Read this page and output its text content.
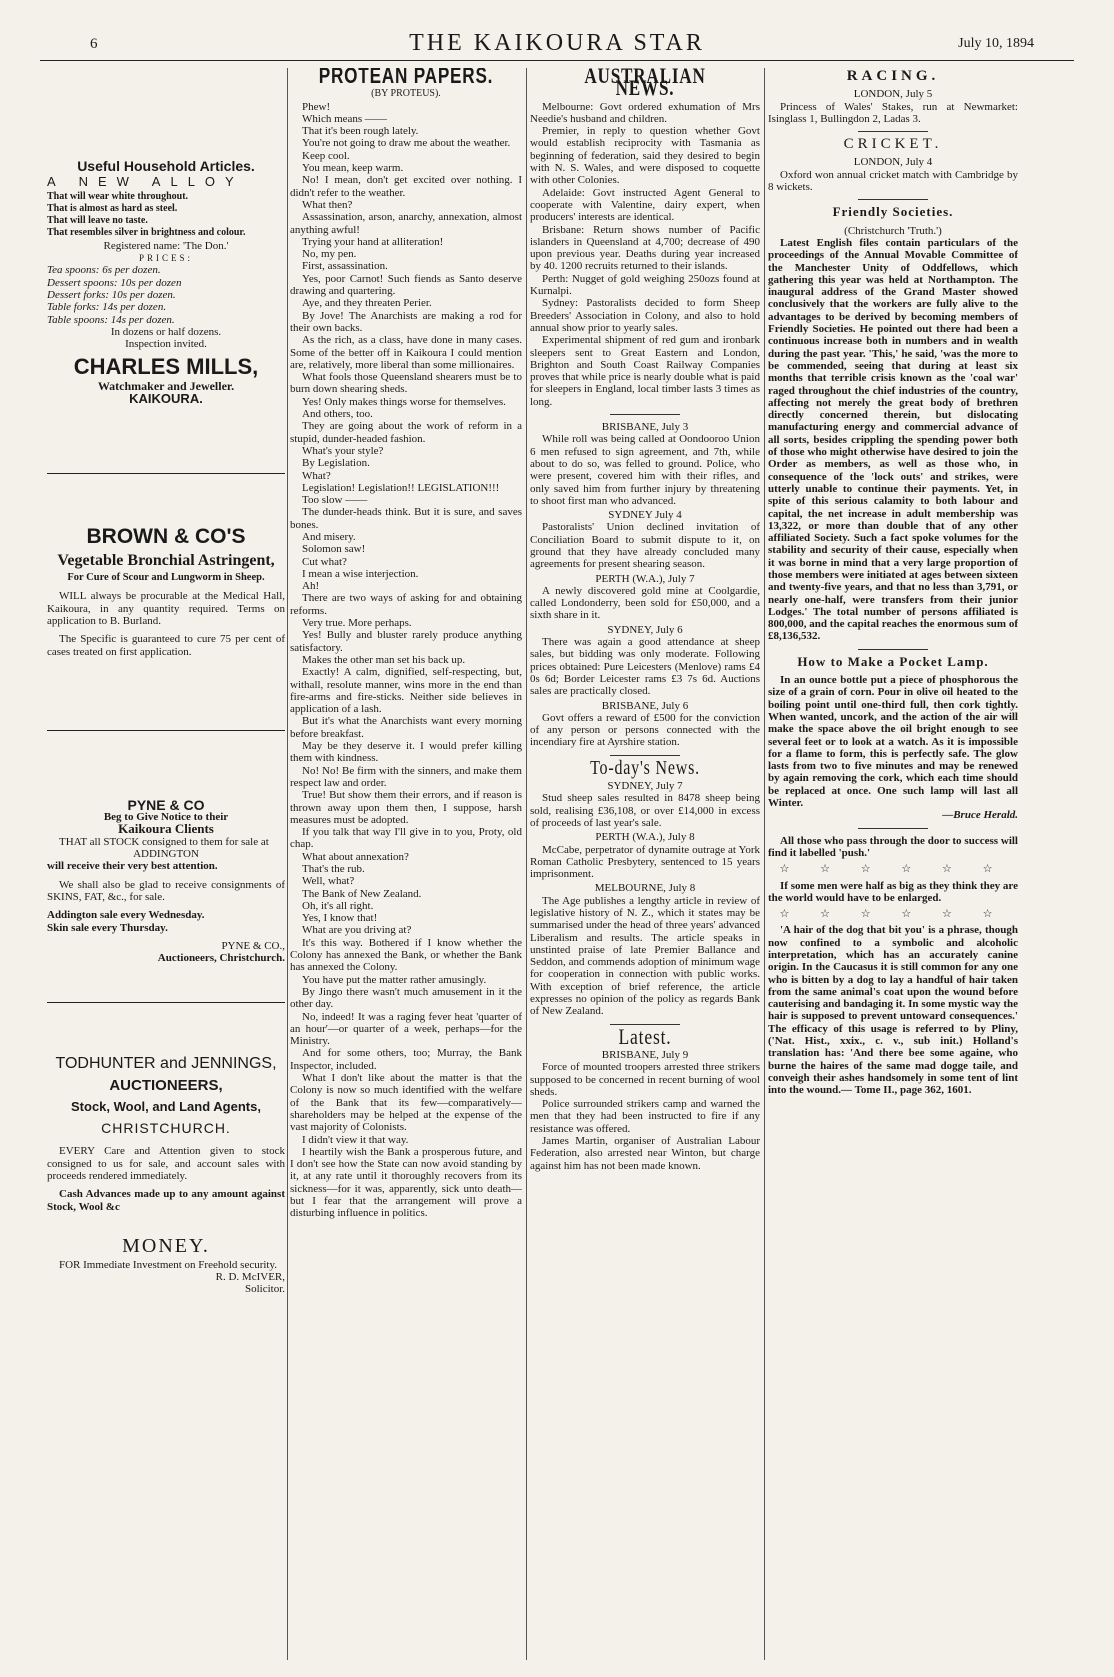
6	THE KAIKOURA STAR	July 10, 1894
Useful Household Articles.
A NEW ALLOY

That will wear white throughout.

That is almost as hard as steel.

That will leave no taste.

That resembles silver in brightness and colour.

Registered name: 'The Don.'

PRICES:

Tea spoons: 6s per dozen.

Dessert spoons: 10s per dozen

Dessert forks: 10s per dozen.

Table forks: 14s per dozen.

Table spoons: 14s per dozen.

In dozens or half dozens.

Inspection invited.

CHARLES MILLS,

Watchmaker and Jeweller.

KAIKOURA.

BROWN & CO'S
Vegetable Bronchial Astringent,

For Cure of Scour and Lungworm in Sheep.

WILL always be procurable at the Medical Hall, Kaikoura, in any quantity required. Terms on application to B. Burland.

The Specific is guaranteed to cure 75 per cent of cases treated on first application.

PYNE & CO

Beg to Give Notice to their

Kaikoura Clients

THAT all STOCK consigned to them for sale at

ADDINGTON

will receive their very best attention.

We shall also be glad to receive consignments of SKINS, FAT, &c., for sale.

Addington sale every Wednesday.

Skin sale every Thursday.

PYNE & CO.,

Auctioneers, Christchurch.

TODHUNTER and JENNINGS,
AUCTIONEERS,
Stock, Wool, and Land Agents,
CHRISTCHURCH.

EVERY Care and Attention given to stock consigned to us for sale, and account sales with proceeds rendered immediately.

Cash Advances made up to any amount against Stock, Wool &c

MONEY.

FOR Immediate Investment on Freehold security.

R. D. McIVER,

Solicitor.

PROTEAN PAPERS.

(BY PROTEUS).

Phew!

Which means ——

That it's been rough lately.

You're not going to draw me about the weather.

Keep cool.

You mean, keep warm.

No! I mean, don't get excited over nothing. I didn't refer to the weather.

What then?

Assassination, arson, anarchy, annexation, almost anything awful!

Trying your hand at alliteration!

No, my pen.

First, assassination.

Yes, poor Carnot! Such fiends as Santo deserve drawing and quartering.

Aye, and they threaten Perier.

By Jove! The Anarchists are making a rod for their own backs.

As the rich, as a class, have done in many cases. Some of the better off in Kaikoura I could mention are, relatively, more liberal than some millionaires.

What fools those Queensland shearers must be to burn down shearing sheds.

Yes! Only makes things worse for themselves.

And others, too.

They are going about the work of reform in a stupid, dunder-headed fashion.

What's your style?

By Legislation.

What?

Legislation! Legislation!! LEGISLATION!!!

Too slow ——

The dunder-heads think. But it is sure, and saves bones.

And misery.

Solomon saw!

Cut what?

I mean a wise interjection.

Ah!

There are two ways of asking for and obtaining reforms.

Very true. More perhaps.

Yes! Bully and bluster rarely produce anything satisfactory.

Makes the other man set his back up.

Exactly! A calm, dignified, self-respecting, but, withall, resolute manner, wins more in the end than fire-arms and fire-sticks. Neither side believes in application of a lash.

But it's what the Anarchists want every morning before breakfast.

May be they deserve it. I would prefer killing them with kindness.

No! No! Be firm with the sinners, and make them respect law and order.

True! But show them their errors, and if reason is thrown away upon them then, I suppose, harsh measures must be adopted.

If you talk that way I'll give in to you, Proty, old chap.

What about annexation?

That's the rub.

Well, what?

The Bank of New Zealand.

Oh, it's all right.

Yes, I know that!

What are you driving at?

It's this way. Bothered if I know whether the Colony has annexed the Bank, or whether the Bank has annexed the Colony.

You have put the matter rather amusingly.

By Jingo there wasn't much amusement in it the other day.

No, indeed! It was a raging fever heat 'quarter of an hour'—or quarter of a week, perhaps—for the Ministry.

And for some others, too; Murray, the Bank Inspector, included.

What I don't like about the matter is that the Colony is now so much identified with the welfare of the Bank that its few—comparatively—shareholders may be helped at the expense of the vast majority of Colonists.

I didn't view it that way.

I heartily wish the Bank a prosperous future, and I don't see how the State can now avoid standing by it, at any rate until it thoroughly recovers from its sickness—for it was, apparently, sick unto death—but I fear that the arrangement will prove a disturbing influence in politics.

AUSTRALIAN NEWS.

Melbourne: Govt ordered exhumation of Mrs Needie's husband and children.

Premier, in reply to question whether Govt would establish reciprocity with Tasmania as beginning of federation, said they desired to begin with N. S. Wales, and were disposed to coquette with other Colonies.

Adelaide: Govt instructed Agent General to cooperate with Valentine, dairy expert, when producers' interests are identical.

Brisbane: Return shows number of Pacific islanders in Queensland at 4,700; decrease of 490 upon previous year. Deaths during year increased by 40. 1200 recruits returned to their islands.

Perth: Nugget of gold weighing 250ozs found at Kurnalpi.

Sydney: Pastoralists decided to form Sheep Breeders' Association in Colony, and also to hold annual show prior to yearly sales.

Experimental shipment of red gum and ironbark sleepers sent to Great Eastern and London, Brighton and South Coast Railway Companies proves that while price is nearly double what is paid for sleepers in England, local timber lasts 3 times as long.

BRISBANE, July 3

While roll was being called at Oondooroo Union 6 men refused to sign agreement, and 7th, while about to do so, was felled to ground. Police, who were present, covered him with their rifles, and only saved him from further injury by threatening to shoot first man who advanced.

SYDNEY July 4

Pastoralists' Union declined invitation of Conciliation Board to submit dispute to it, on ground that they have already concluded many agreements for present shearing season.

PERTH (W.A.), July 7

A newly discovered gold mine at Coolgardie, called Londonderry, been sold for £50,000, and a sixth share in it.

SYDNEY, July 6

There was again a good attendance at sheep sales, but bidding was only moderate. Following prices obtained: Pure Leicesters (Menlove) rams £4 0s 6d; Border Leicester rams £3 7s 6d. Auctions sales are practically closed.

BRISBANE, July 6

Govt offers a reward of £500 for the conviction of any person or persons connected with the incendiary fire at Ayrshire station.

To-day's News.

SYDNEY, July 7

Stud sheep sales resulted in 8478 sheep being sold, realising £36,108, or over £14,000 in excess of proceeds of last year's sale.

PERTH (W.A.), July 8

McCabe, perpetrator of dynamite outrage at York Roman Catholic Presbytery, sentenced to 15 years imprisonment.

MELBOURNE, July 8

The Age publishes a lengthy article in review of legislative history of N. Z., which it states may be summarised under the head of three years' advanced Liberalism and results. The article speaks in unstinted praise of late Premier Ballance and Seddon, and commends adoption of minimum wage for cooperation in connection with public works. With exception of brief reference, the article expresses no opinion of the policy as regards Bank of New Zealand.

Latest.

BRISBANE, July 9

Force of mounted troopers arrested three strikers supposed to be concerned in recent burning of wool sheds.

Police surrounded strikers camp and warned the men that they had been instructed to fire if any resistance was offered.

James Martin, organiser of Australian Labour Federation, also arrested near Winton, but charge against him has not been made known.

RACING.

LONDON, July 5

Princess of Wales' Stakes, run at Newmarket: Isinglass 1, Bullingdon 2, Ladas 3.

CRICKET.

LONDON, July 4

Oxford won annual cricket match with Cambridge by 8 wickets.

Friendly Societies.

(Christchurch 'Truth.')

Latest English files contain particulars of the proceedings of the Annual Movable Committee of the Manchester Unity of Oddfellows, which gathering this year was held at Northampton. The inaugural address of the Grand Master showed conclusively that the workers are fully alive to the advantages to be derived by becoming members of Friendly Societies. He pointed out there had been a continuous increase both in numbers and in wealth during the past year. 'This,' he said, 'was the more to be commended, seeing that during at least six months that terrible crisis known as the 'coal war' raged throughout the chief industries of the country, affecting not merely the great body of brethren directly concerned therein, but dislocating manufacturing energy and commercial advance of all sorts, besides crippling the spending power both of those who might otherwise have desired to join the Order as members, as well as those who, in consequence of the 'lock outs' and strikes, were utterly unable to continue their payments. Yet, in spite of this serious calamity to both labour and capital, the net increase in adult membership was 13,322, or more than double that of any other affiliated Society. Such a fact spoke volumes for the stability and security of their cause, especially when it was borne in mind that a very large proportion of those members were initiated at ages between sixteen and twenty-five years, and that no less than 3,791, or nearly one-half, were transfers from their junior Lodges.' The total number of persons affiliated is 800,000, and the capital reaches the enormous sum of £8,136,532.

How to Make a Pocket Lamp.

In an ounce bottle put a piece of phosphorous the size of a grain of corn. Pour in olive oil heated to the boiling point until one-third full, then cork tightly. When wanted, uncork, and the action of the air will make the space above the oil bright enough to see several feet or to look at a watch. As it is impossible for a flame to form, this is perfectly safe. The glow lasts from two to five minutes and may be renewed by again removing the cork, which each time should be replaced at once. One such lamp will last all Winter.

—Bruce Herald.

All those who pass through the door to success will find it labelled 'push.'

☆ ☆ ☆ ☆ ☆ ☆

If some men were half as big as they think they are the world would have to be enlarged.

☆ ☆ ☆ ☆ ☆ ☆

'A hair of the dog that bit you' is a phrase, though now confined to a symbolic and alcoholic interpretation, which has an accurately canine origin. In the Caucasus it is still common for any one who is bitten by a dog to lay a handful of hair taken from the same animal's coat upon the wound before cauterising and bandaging it. In some mystic way the hair is supposed to prevent untoward consequences.' The efficacy of this usage is referred to by Pliny, ('Nat. Hist., xxix., c. v., sub init.) Holland's translation has: 'And there bee some againe, who burne the haires of the same mad dogge taile, and conveigh their ashes handsomely in some tent of lint into the wound.— Tome II., page 362, 1601.
